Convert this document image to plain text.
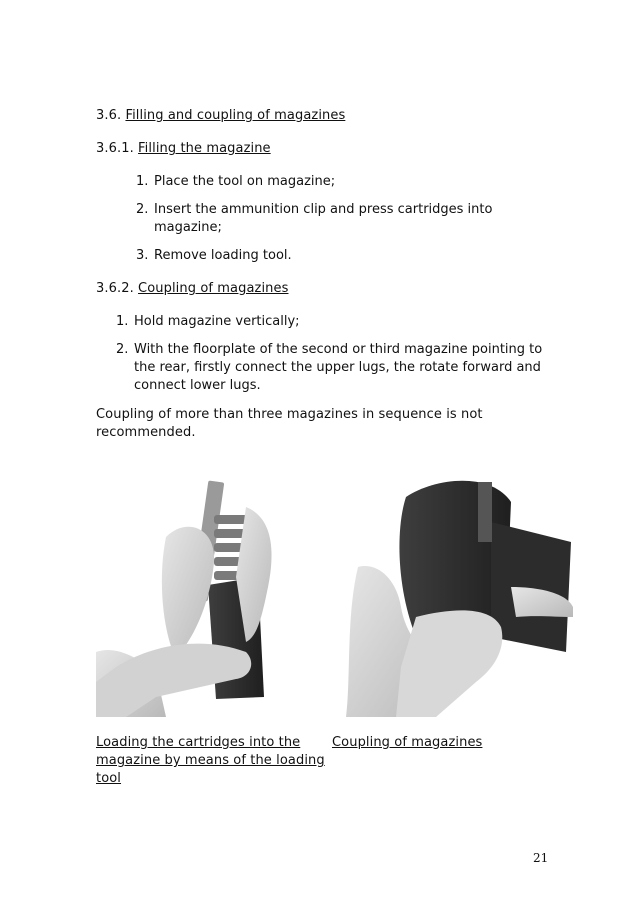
3.6. Filling and coupling of magazines
3.6.1. Filling the magazine
1. Place the tool on magazine;
2. Insert the ammunition clip and press cartridges into magazine;
3. Remove loading tool.
3.6.2. Coupling of magazines
1. Hold magazine vertically;
2. With the floorplate of the second or third magazine pointing to the rear, firstly connect the upper lugs, the rotate forward and connect lower lugs.
Coupling of more than three magazines in sequence is not recommended.
Loading the cartridges into the magazine by means of the loading tool
Coupling of magazines
21
